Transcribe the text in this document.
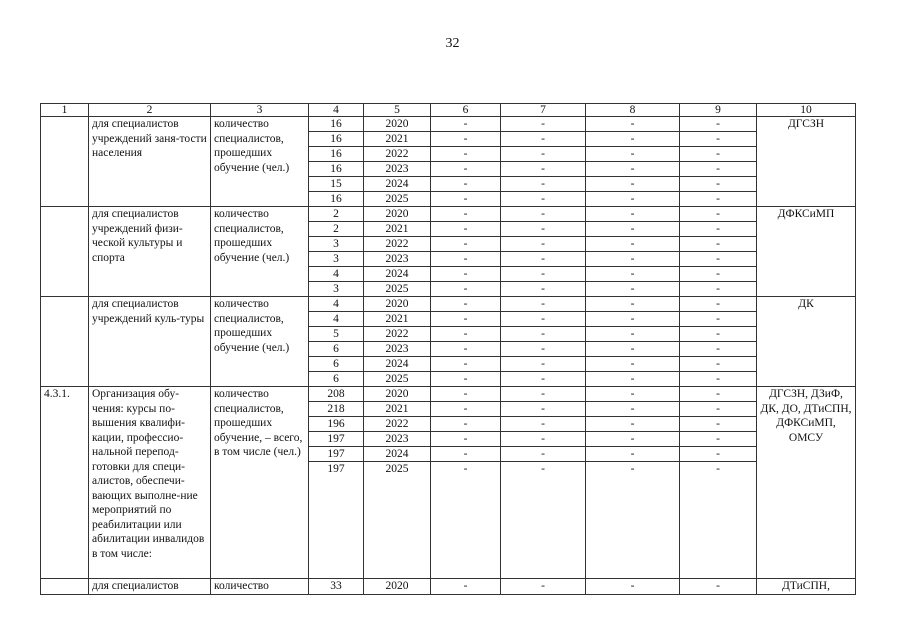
32
1	2	3	4	5	6	7	8	9	10
	для специалистов учреждений заня-тости населения	количество специалистов, прошедших обучение (чел.)	16	2020	-	-	-	-	ДГСЗН
			16	2021	-	-	-	-	
			16	2022	-	-	-	-	
			16	2023	-	-	-	-	
			15	2024	-	-	-	-	
			16	2025	-	-	-	-	
	для специалистов учреждений физи-ческой культуры и спорта	количество специалистов, прошедших обучение (чел.)	2	2020	-	-	-	-	ДФКСиМП
			2	2021	-	-	-	-	
			3	2022	-	-	-	-	
			3	2023	-	-	-	-	
			4	2024	-	-	-	-	
			3	2025	-	-	-	-	
	для специалистов учреждений куль-туры	количество специалистов, прошедших обучение (чел.)	4	2020	-	-	-	-	ДК
			4	2021	-	-	-	-	
			5	2022	-	-	-	-	
			6	2023	-	-	-	-	
			6	2024	-	-	-	-	
			6	2025	-	-	-	-	
4.3.1.	Организация обу-чения: курсы по-вышения квалифи-кации, профессио-нальной перепод-готовки для специ-алистов, обеспечи-вающих выполне-ние мероприятий по реабилитации или абилитации инвалидов в том числе:	количество специалистов, прошедших обучение, – всего, в том числе (чел.)	208	2020	-	-	-	-	ДГСЗН, ДЗиФ, ДК, ДО, ДТиСПН, ДФКСиМП, ОМСУ
			218	2021	-	-	-	-	
			196	2022	-	-	-	-	
			197	2023	-	-	-	-	
			197	2024	-	-	-	-	
			197	2025	-	-	-	-	
	для специалистов	количество	33	2020	-	-	-	-	ДТиСПН,
